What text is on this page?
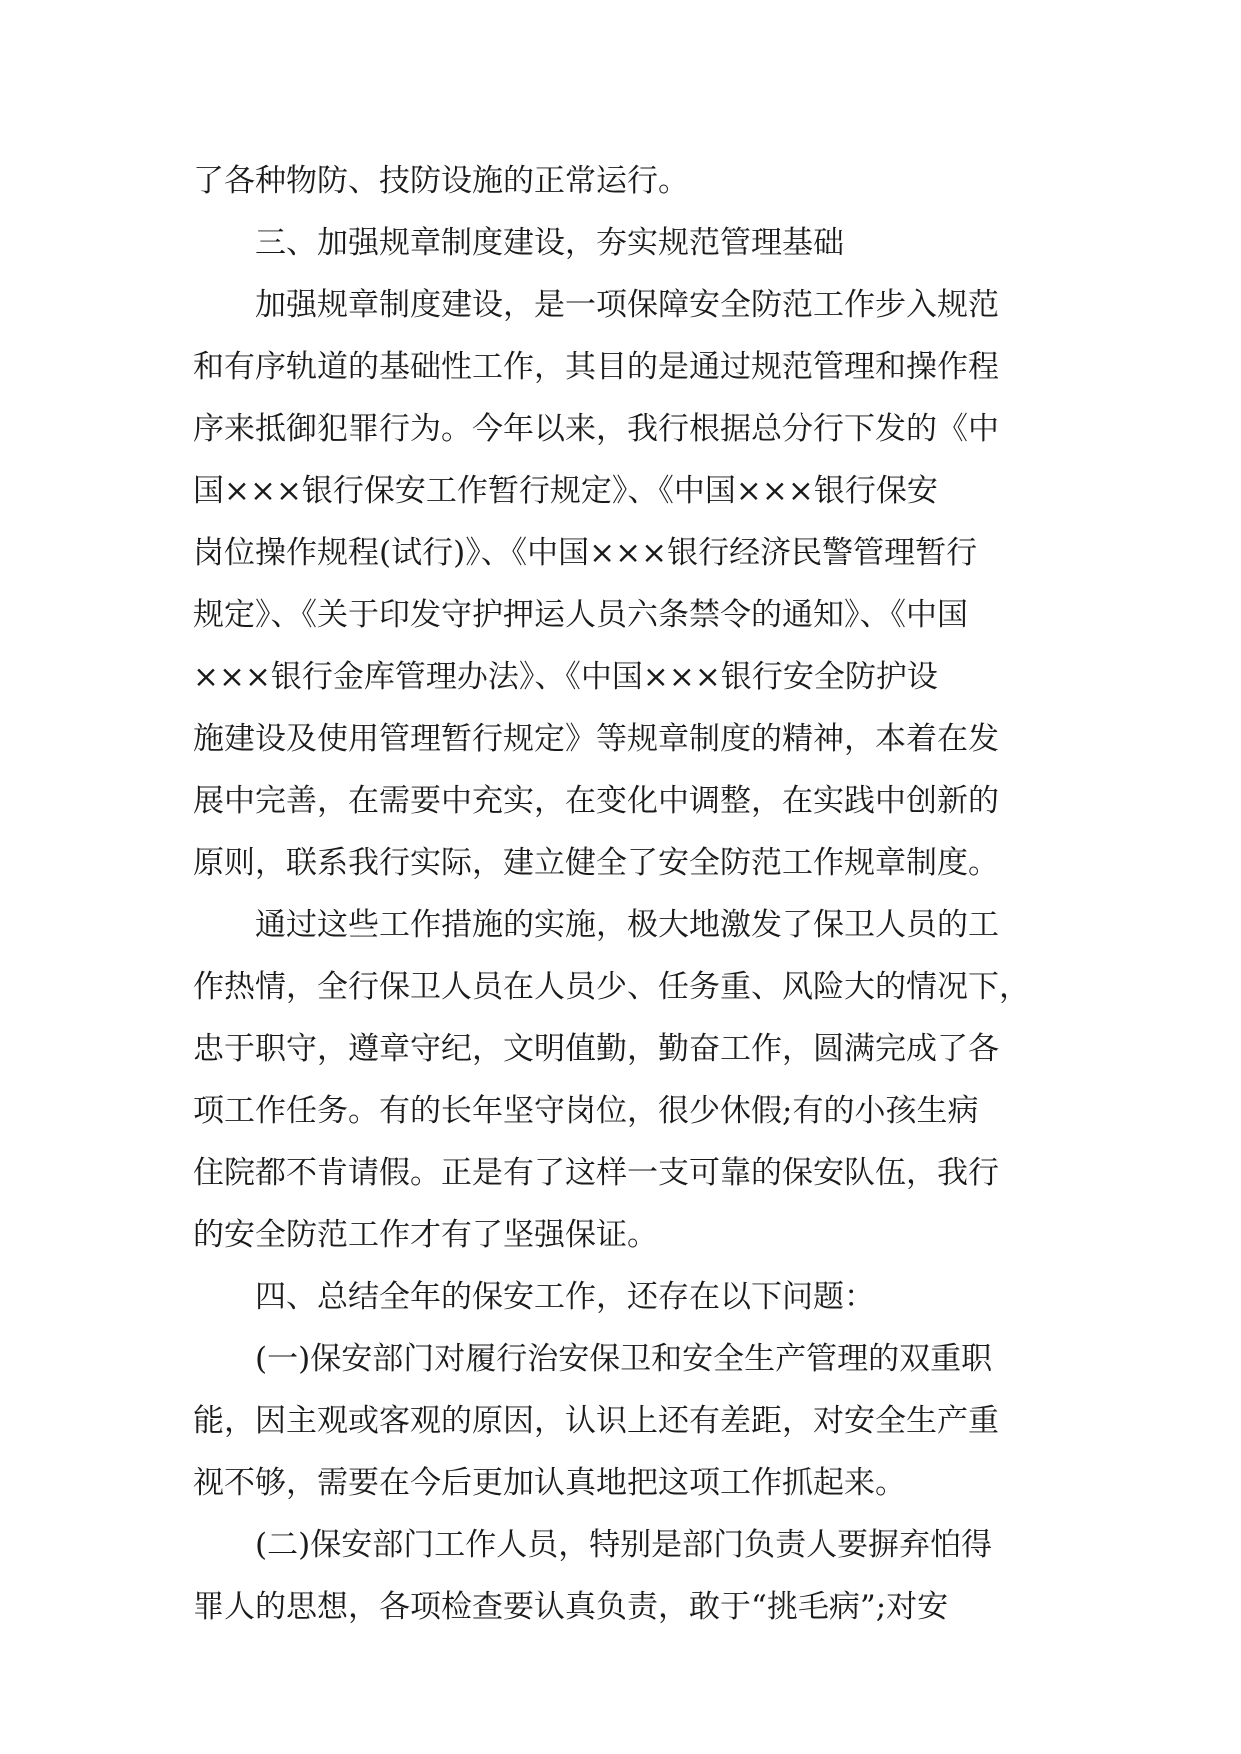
了各种物防、技防设施的正常运行。

三、加强规章制度建设，夯实规范管理基础

加强规章制度建设，是一项保障安全防范工作步入规范

和有序轨道的基础性工作，其目的是通过规范管理和操作程

序来抵御犯罪行为。今年以来，我行根据总分行下发的《中

国×××银行保安工作暂行规定》、《中国×××银行保安

岗位操作规程(试行)》、《中国×××银行经济民警管理暂行

规定》、《关于印发守护押运人员六条禁令的通知》、《中国

×××银行金库管理办法》、《中国×××银行安全防护设

施建设及使用管理暂行规定》等规章制度的精神，本着在发

展中完善，在需要中充实，在变化中调整，在实践中创新的

原则，联系我行实际，建立健全了安全防范工作规章制度。

通过这些工作措施的实施，极大地激发了保卫人员的工

作热情，全行保卫人员在人员少、任务重、风险大的情况下，

忠于职守，遵章守纪，文明值勤，勤奋工作，圆满完成了各

项工作任务。有的长年坚守岗位，很少休假;有的小孩生病

住院都不肯请假。正是有了这样一支可靠的保安队伍，我行

的安全防范工作才有了坚强保证。

四、总结全年的保安工作，还存在以下问题：

(一)保安部门对履行治安保卫和安全生产管理的双重职

能，因主观或客观的原因，认识上还有差距，对安全生产重

视不够，需要在今后更加认真地把这项工作抓起来。

(二)保安部门工作人员，特别是部门负责人要摒弃怕得

罪人的思想，各项检查要认真负责，敢于“挑毛病”;对安
